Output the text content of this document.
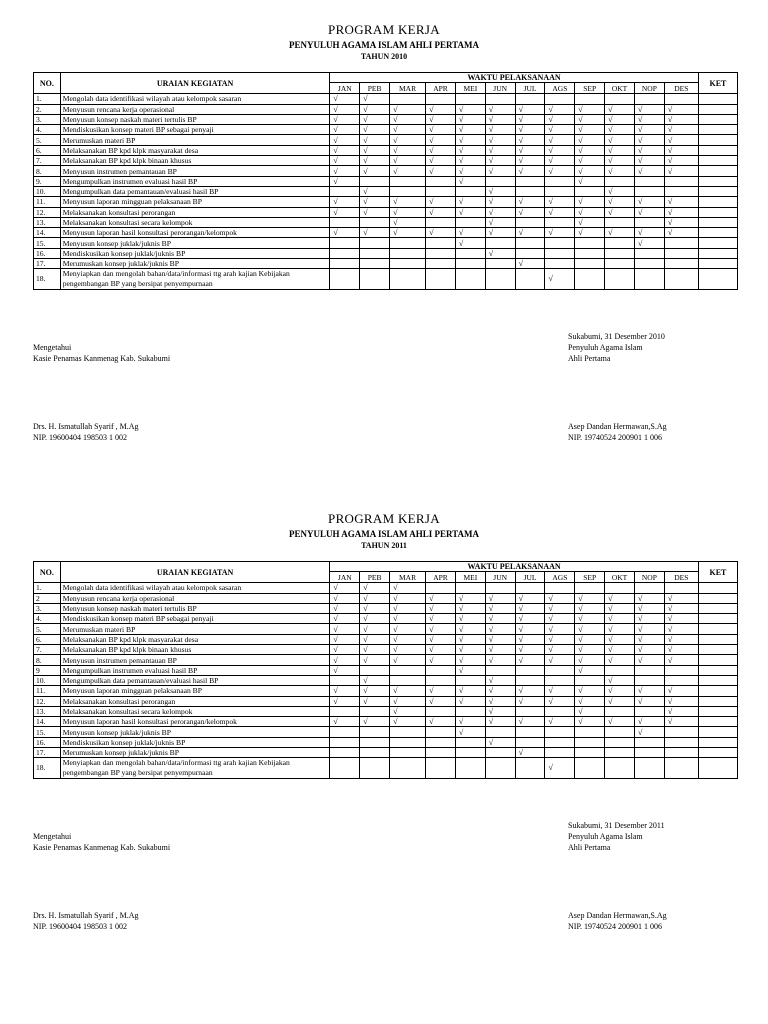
PROGRAM KERJA
PENYULUH AGAMA ISLAM AHLI PERTAMA
TAHUN 2010
NO.	URAIAN KEGIATAN	WAKTU PELAKSANAAN												KET
		JAN	PEB	MAR	APR	MEI	JUN	JUL	AGS	SEP	OKT	NOP	DES	
1.	Mengolah data identifikasi wilayah atau kelompok sasaran	√	√											
2.	Menyusun rencana kerja operasional	√	√	√	√	√	√	√	√	√	√	√	√	
3.	Menyusun konsep naskah materi tertulis BP	√	√	√	√	√	√	√	√	√	√	√	√	
4.	Mendiskusikan konsep materi BP sebagai penyaji	√	√	√	√	√	√	√	√	√	√	√	√	
5.	Merumuskan materi BP	√	√	√	√	√	√	√	√	√	√	√	√	
6.	Melaksanakan BP kpd klpk masyarakat desa	√	√	√	√	√	√	√	√	√	√	√	√	
7.	Melaksanakan BP kpd klpk binaan khusus	√	√	√	√	√	√	√	√	√	√	√	√	
8.	Menyusun instrumen pemantauan BP	√	√	√	√	√	√	√	√	√	√	√	√	
9.	Mengumpulkan instrumen evaluasi hasil BP	√				√				√				
10.	Mengumpulkan data pemantauan/evaluasi hasil BP		√				√				√			
11.	Menyusun laporan mingguan pelaksanaan BP	√	√	√	√	√	√	√	√	√	√	√	√	
12.	Melaksanakan konsultasi perorangan	√	√	√	√	√	√	√	√	√	√	√	√	
13.	Melaksanakan konsultasi secara kelompok			√			√			√			√	
14.	Menyusun laporan hasil konsultasi perorangan/kelompok	√	√	√	√	√	√	√	√	√	√	√	√	
15.	Menyusun konsep juklak/juknis BP					√						√		
16.	Mendiskusikan konsep juklak/juknis BP						√							
17.	Merumuskan konsep juklak/juknis BP							√						
18.	Menyiapkan dan mengolah bahan/data/informasi ttg arah kajian Kebijakan pengembangan BP yang bersipat penyempurnaan								√					
Mengetahui
Kasie Penamas Kanmenag Kab. Sukabumi
Drs. H. Ismatullah Syarif , M.Ag
NIP. 19600404 198503 1 002
Sukabumi, 31 Desember 2010
Penyuluh Agama Islam
Ahli Pertama
Asep Dandan Hermawan,S.Ag
NIP. 19740524 200901 1 006
PROGRAM KERJA
PENYULUH AGAMA ISLAM AHLI PERTAMA
TAHUN 2011
NO.	URAIAN KEGIATAN	WAKTU PELAKSANAAN												KET
		JAN	PEB	MAR	APR	MEI	JUN	JUL	AGS	SEP	OKT	NOP	DES	
1.	Mengolah data identifikasi wilayah atau kelompok sasaran	√	√	√										
2	Menyusun rencana kerja operasional	√	√	√	√	√	√	√	√	√	√	√	√	
3.	Menyusun konsep naskah materi tertulis BP	√	√	√	√	√	√	√	√	√	√	√	√	
4.	Mendiskusikan konsep materi BP sebagai penyaji	√	√	√	√	√	√	√	√	√	√	√	√	
5.	Merumuskan materi BP	√	√	√	√	√	√	√	√	√	√	√	√	
6.	Melaksanakan BP kpd klpk masyarakat desa	√	√	√	√	√	√	√	√	√	√	√	√	
7.	Melaksanakan BP kpd klpk binaan khusus	√	√	√	√	√	√	√	√	√	√	√	√	
8.	Menyusun instrumen pemantauan BP	√	√	√	√	√	√	√	√	√	√	√	√	
9	Mengumpulkan instrumen evaluasi hasil BP	√				√				√				
10.	Mengumpulkan data pemantauan/evaluasi hasil BP		√				√				√			
11.	Menyusun laporan mingguan pelaksanaan BP	√	√	√	√	√	√	√	√	√	√	√	√	
12.	Melaksanakan konsultasi perorangan	√	√	√	√	√	√	√	√	√	√	√	√	
13.	Melaksanakan konsultasi secara kelompok			√			√			√			√	
14.	Menyusun laporan hasil konsultasi perorangan/kelompok	√	√	√	√	√	√	√	√	√	√	√	√	
15.	Menyusun konsep juklak/juknis BP					√						√		
16.	Mendiskusikan konsep juklak/juknis BP						√							
17.	Merumuskan konsep juklak/juknis BP							√						
18.	Menyiapkan dan mengolah bahan/data/informasi ttg arah kajian Kebijakan pengembangan BP yang bersipat penyempurnaan								√					
Mengetahui
Kasie Penamas Kanmenag Kab. Sukabumi
Drs. H. Ismatullah Syarif , M.Ag
NIP. 19600404 198503 1 002
Sukabumi, 31 Desember 2011
Penyuluh Agama Islam
Ahli Pertama
Asep Dandan Hermawan,S.Ag
NIP. 19740524 200901 1 006
